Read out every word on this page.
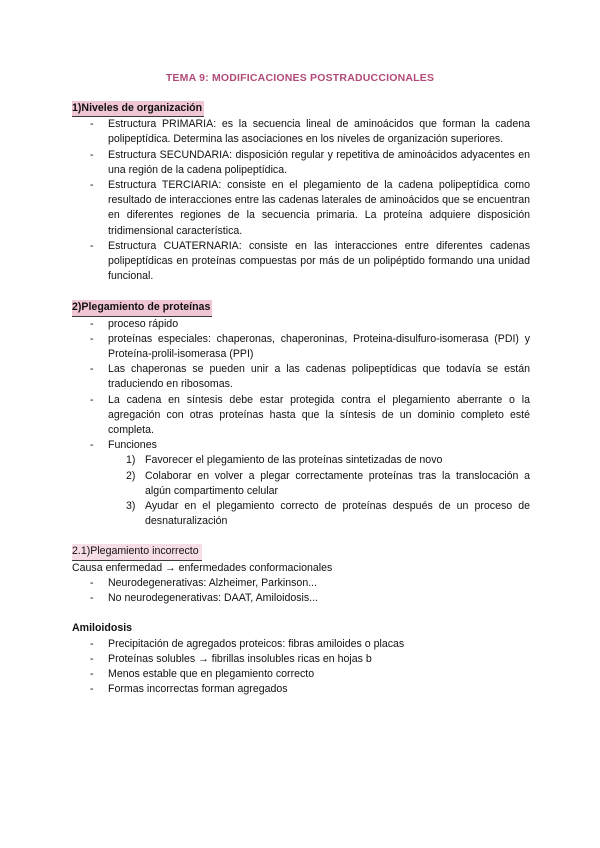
TEMA 9: MODIFICACIONES POSTRADUCCIONALES
1)Niveles de organización
- Estructura PRIMARIA: es la secuencia lineal de aminoácidos que forman la cadena polipeptídica. Determina las asociaciones en los niveles de organización superiores.
- Estructura SECUNDARIA: disposición regular y repetitiva de aminoácidos adyacentes en una región de la cadena polipeptídica.
- Estructura TERCIARIA: consiste en el plegamiento de la cadena polipeptídica como resultado de interacciones entre las cadenas laterales de aminoácidos que se encuentran en diferentes regiones de la secuencia primaria. La proteína adquiere disposición tridimensional característica.
- Estructura CUATERNARIA: consiste en las interacciones entre diferentes cadenas polipeptídicas en proteínas compuestas por más de un polipéptido formando una unidad funcional.
2)Plegamiento de proteínas
- proceso rápido
- proteínas especiales: chaperonas, chaperoninas, Proteina-disulfuro-isomerasa (PDI) y Proteína-prolil-isomerasa (PPI)
- Las chaperonas se pueden unir a las cadenas polipeptídicas que todavía se están traduciendo en ribosomas.
- La cadena en síntesis debe estar protegida contra el plegamiento aberrante o la agregación con otras proteínas hasta que la síntesis de un dominio completo esté completa.
- Funciones
1) Favorecer el plegamiento de las proteínas sintetizadas de novo
2) Colaborar en volver a plegar correctamente proteínas tras la translocación a algún compartimento celular
3) Ayudar en el plegamiento correcto de proteínas después de un proceso de desnaturalización
2.1)Plegamiento incorrecto

Causa enfermedad → enfermedades conformacionales

- Neurodegenerativas: Alzheimer, Parkinson...
- No neurodegenerativas: DAAT, Amiloidosis...

Amiloidosis

- Precipitación de agregados proteicos: fibras amiloides o placas
- Proteínas solubles → fibrillas insolubles ricas en hojas b
- Menos estable que en plegamiento correcto
- Formas incorrectas forman agregados
